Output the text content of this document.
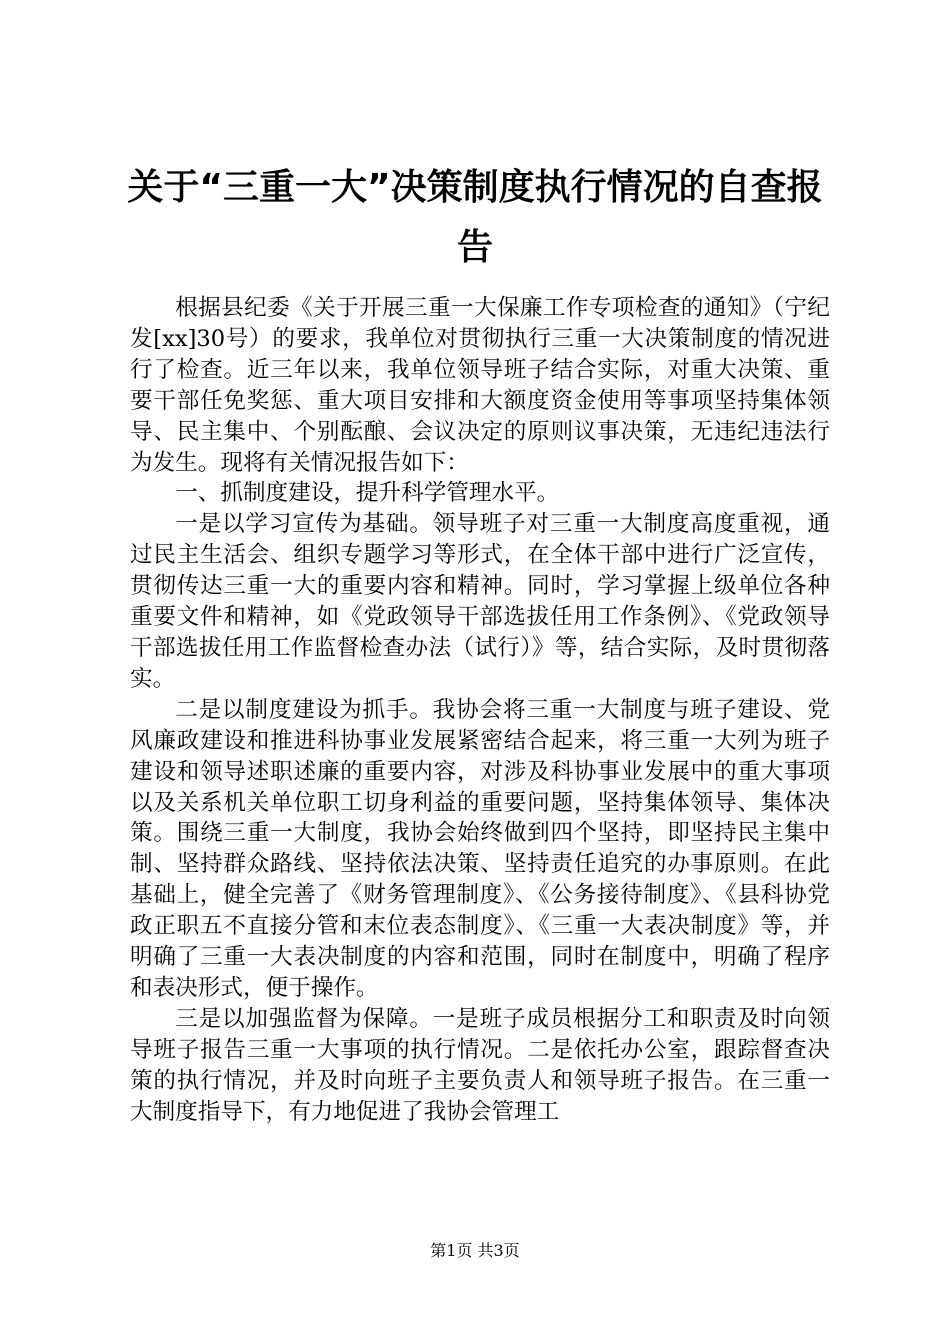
关于“三重一大”决策制度执行情况的自查报告

根据县纪委《关于开展三重一大保廉工作专项检查的通知》（宁纪发[xx]30号）的要求，我单位对贯彻执行三重一大决策制度的情况进行了检查。近三年以来，我单位领导班子结合实际，对重大决策、重要干部任免奖惩、重大项目安排和大额度资金使用等事项坚持集体领导、民主集中、个别酝酿、会议决定的原则议事决策，无违纪违法行为发生。现将有关情况报告如下：

一、抓制度建设，提升科学管理水平。

一是以学习宣传为基础。领导班子对三重一大制度高度重视，通过民主生活会、组织专题学习等形式，在全体干部中进行广泛宣传，贯彻传达三重一大的重要内容和精神。同时，学习掌握上级单位各种重要文件和精神，如《党政领导干部选拔任用工作条例》、《党政领导干部选拔任用工作监督检查办法（试行）》等，结合实际，及时贯彻落实。

二是以制度建设为抓手。我协会将三重一大制度与班子建设、党风廉政建设和推进科协事业发展紧密结合起来，将三重一大列为班子建设和领导述职述廉的重要内容，对涉及科协事业发展中的重大事项以及关系机关单位职工切身利益的重要问题，坚持集体领导、集体决策。围绕三重一大制度，我协会始终做到四个坚持，即坚持民主集中制、坚持群众路线、坚持依法决策、坚持责任追究的办事原则。在此基础上，健全完善了《财务管理制度》、《公务接待制度》、《县科协党政正职五不直接分管和末位表态制度》、《三重一大表决制度》等，并明确了三重一大表决制度的内容和范围，同时在制度中，明确了程序和表决形式，便于操作。

三是以加强监督为保障。一是班子成员根据分工和职责及时向领导班子报告三重一大事项的执行情况。二是依托办公室，跟踪督查决策的执行情况，并及时向班子主要负责人和领导班子报告。在三重一大制度指导下，有力地促进了我协会管理工

第1页 共3页
